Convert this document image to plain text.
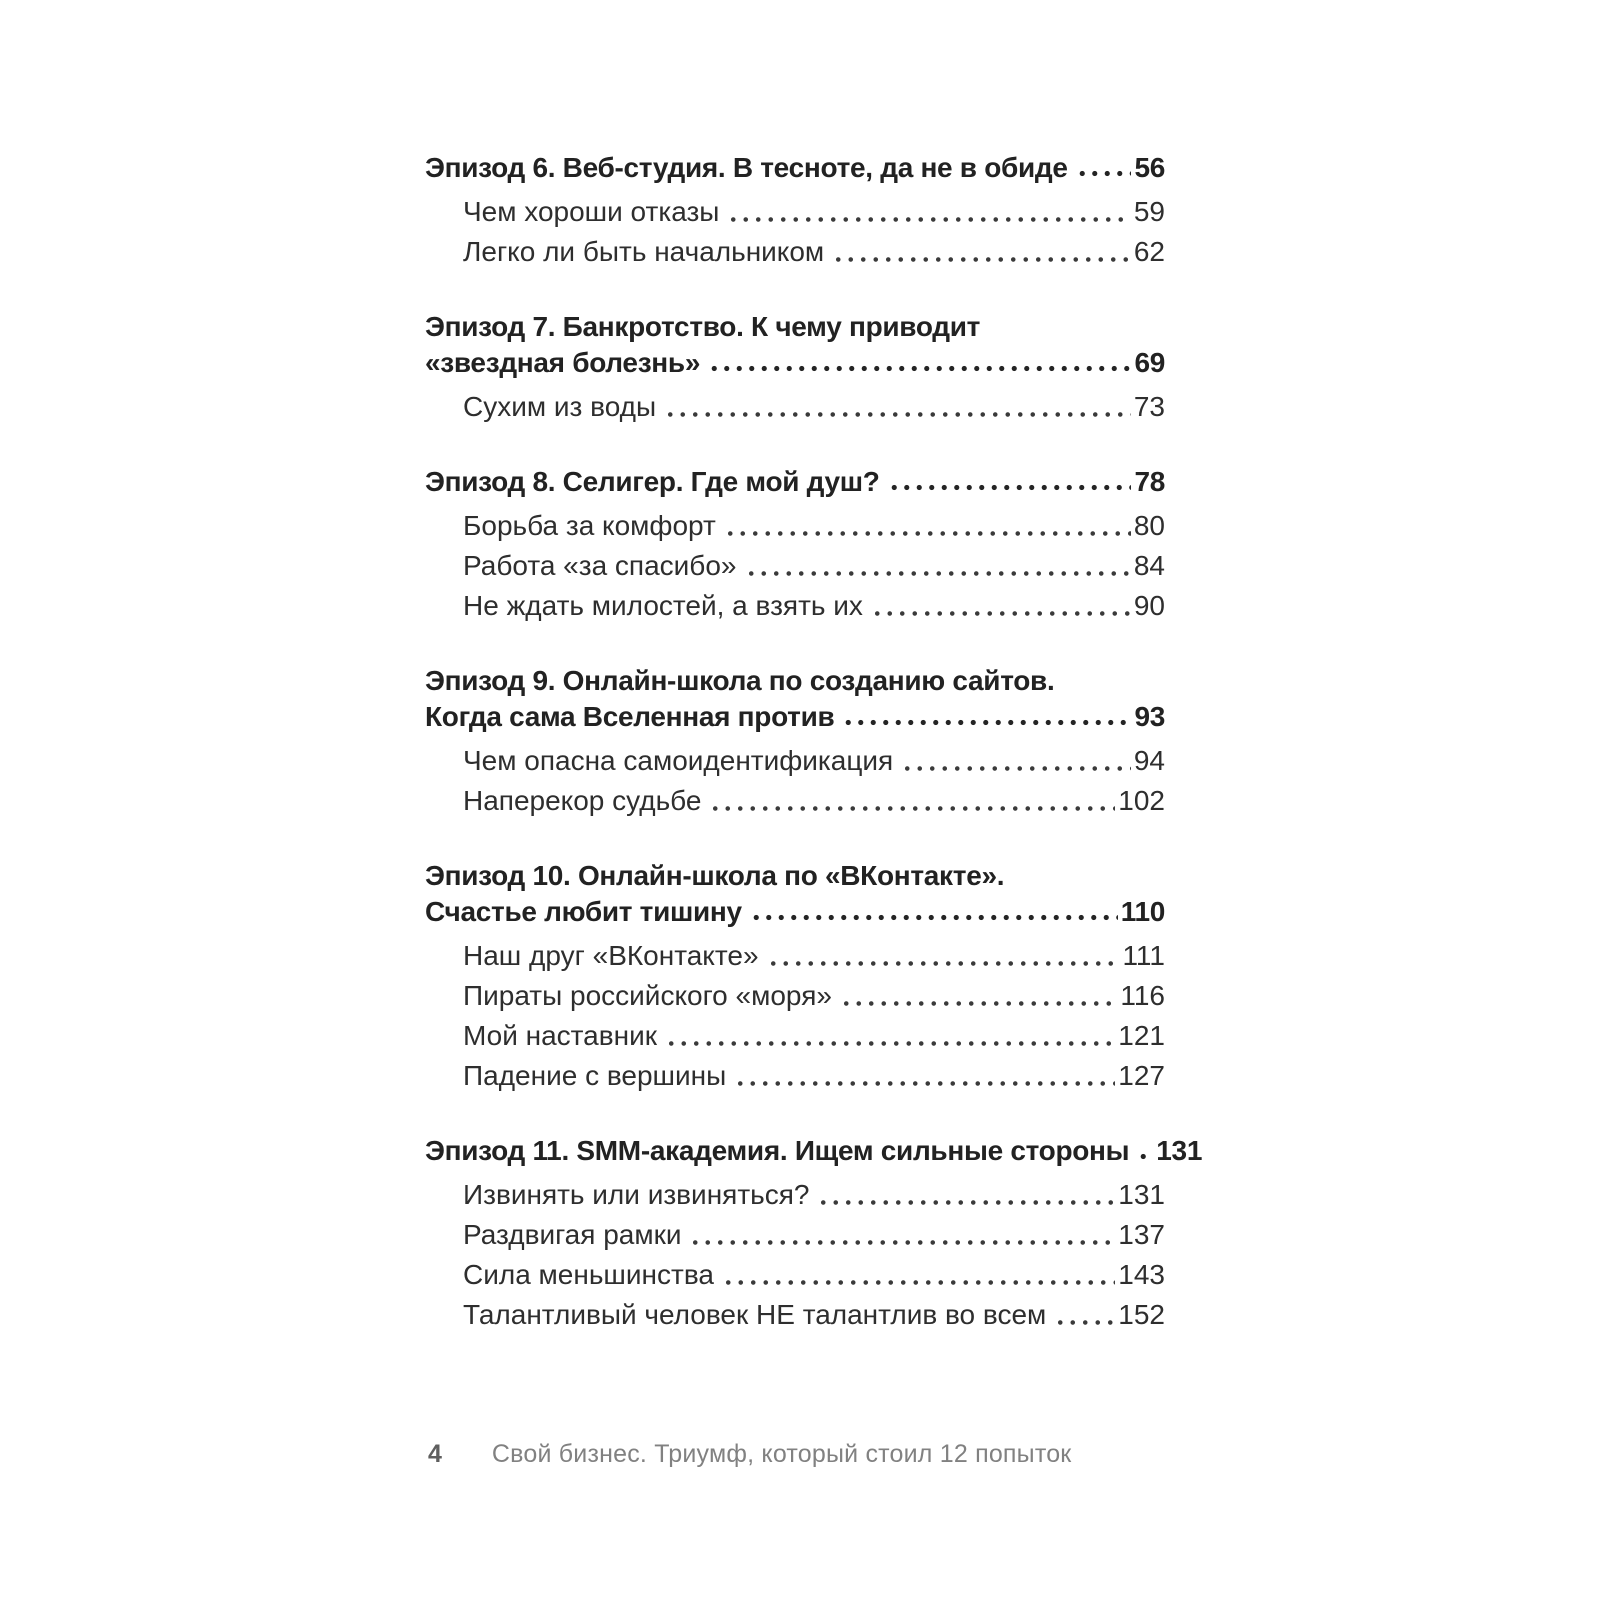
Эпизод 6. Веб-студия. В тесноте, да не в обиде 56
Чем хороши отказы	59
Легко ли быть начальником	62
Эпизод 7. Банкротство. К чему приводит
«звездная болезнь»	69
Сухим из воды	73
Эпизод 8. Селигер. Где мой душ?	78
Борьба за комфорт	80
Работа «за спасибо»	84
Не ждать милостей, а взять их	90
Эпизод 9. Онлайн-школа по созданию сайтов.
Когда сама Вселенная против	93
Чем опасна самоидентификация	94
Наперекор судьбе	102
Эпизод 10. Онлайн-школа по «ВКонтакте».
Счастье любит тишину	110
Наш друг «ВКонтакте»	111
Пираты российского «моря»	116
Мой наставник	121
Падение с вершины	127
Эпизод 11. SMM-академия. Ищем сильные стороны 131
Извинять или извиняться?	131
Раздвигая рамки	137
Сила меньшинства	143
Талантливый человек НЕ талантлив во всем	152
4 Свой бизнес. Триумф, который стоил 12 попыток
